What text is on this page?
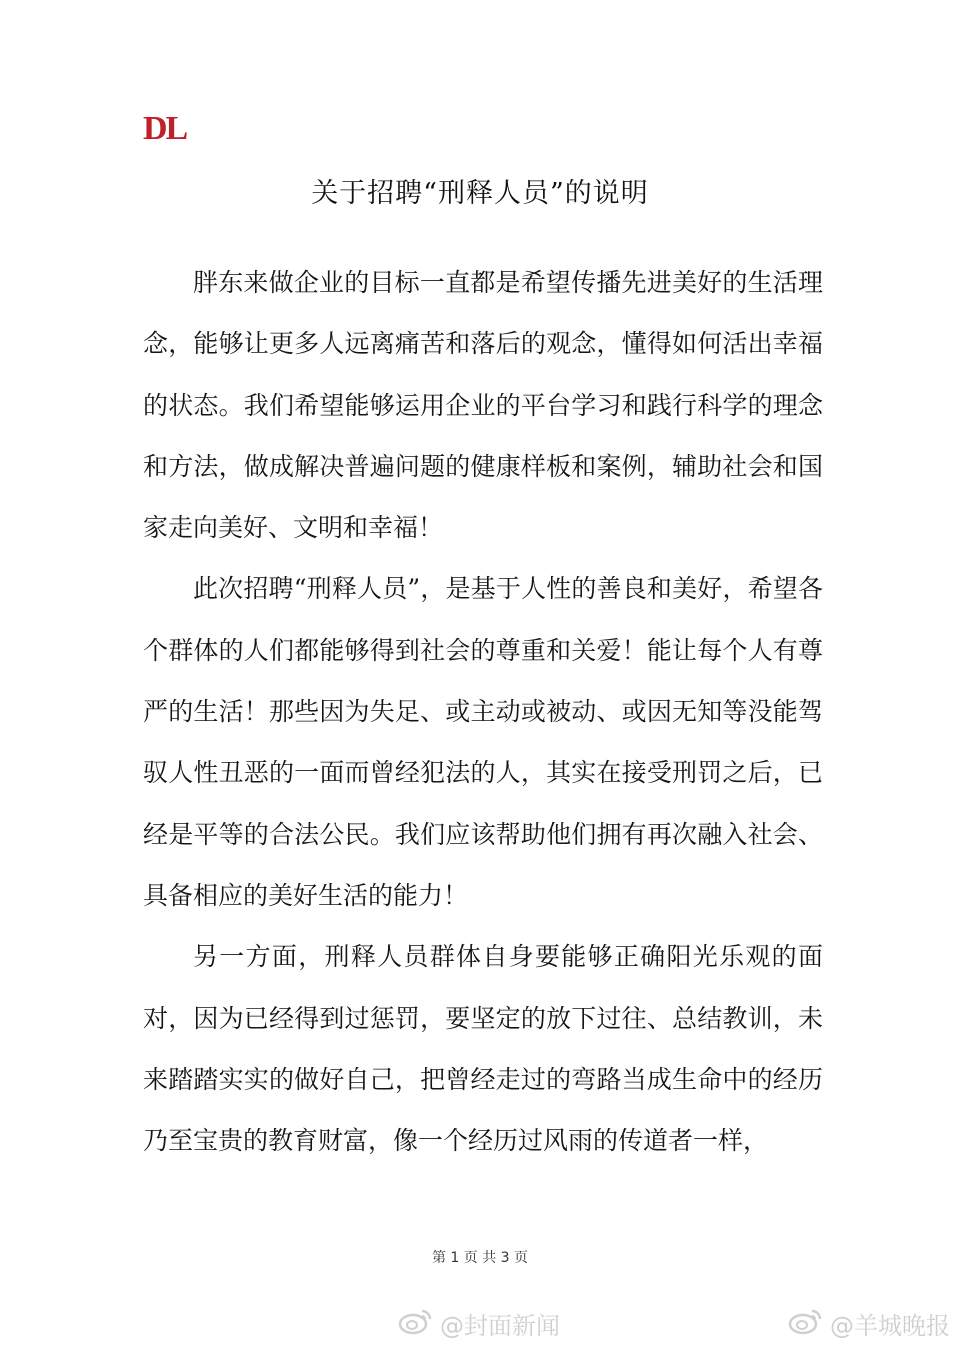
DL
关于招聘“刑释人员”的说明

胖东来做企业的目标一直都是希望传播先进美好的生活理念，能够让更多人远离痛苦和落后的观念，懂得如何活出幸福的状态。我们希望能够运用企业的平台学习和践行科学的理念和方法，做成解决普遍问题的健康样板和案例，辅助社会和国家走向美好、文明和幸福！

此次招聘“刑释人员”，是基于人性的善良和美好，希望各个群体的人们都能够得到社会的尊重和关爱！能让每个人有尊严的生活！那些因为失足、或主动或被动、或因无知等没能驾驭人性丑恶的一面而曾经犯法的人，其实在接受刑罚之后，已经是平等的合法公民。我们应该帮助他们拥有再次融入社会、具备相应的美好生活的能力！

另一方面，刑释人员群体自身要能够正确阳光乐观的面对，因为已经得到过惩罚，要坚定的放下过往、总结教训，未来踏踏实实的做好自己，把曾经走过的弯路当成生命中的经历乃至宝贵的教育财富，像一个经历过风雨的传道者一样，

第 1 页 共 3 页
@封面新闻	@羊城晚报
